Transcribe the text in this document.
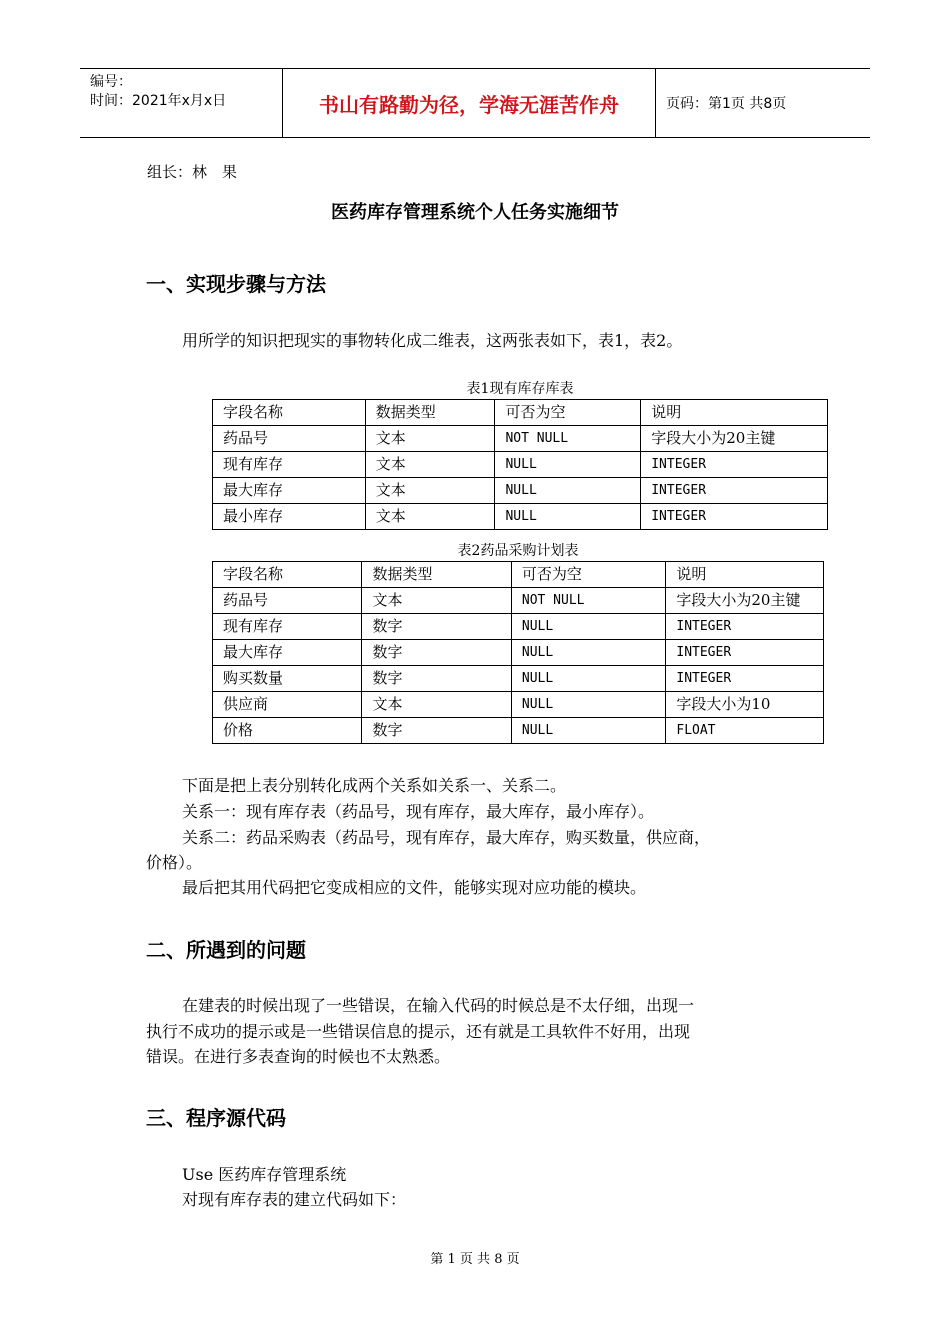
编号：
时间：2021年x月x日	书山有路勤为径，学海无涯苦作舟	页码：第1页 共8页
组长：林　果
医药库存管理系统个人任务实施细节
一、实现步骤与方法
用所学的知识把现实的事物转化成二维表，这两张表如下，表1，表2。
表1现有库存库表
字段名称	数据类型	可否为空	说明
药品号	文本	NOT NULL	字段大小为20主键
现有库存	文本	NULL	INTEGER
最大库存	文本	NULL	INTEGER
最小库存	文本	NULL	INTEGER
表2药品采购计划表
字段名称	数据类型	可否为空	说明
药品号	文本	NOT NULL	字段大小为20主键
现有库存	数字	NULL	INTEGER
最大库存	数字	NULL	INTEGER
购买数量	数字	NULL	INTEGER
供应商	文本	NULL	字段大小为10
价格	数字	NULL	FLOAT
下面是把上表分别转化成两个关系如关系一、关系二。
关系一：现有库存表（药品号，现有库存，最大库存，最小库存）。
关系二：药品采购表（药品号，现有库存，最大库存，购买数量，供应商，
价格）。
最后把其用代码把它变成相应的文件，能够实现对应功能的模块。
二、所遇到的问题
在建表的时候出现了一些错误，在输入代码的时候总是不太仔细，出现一
执行不成功的提示或是一些错误信息的提示，还有就是工具软件不好用，出现
错误。在进行多表查询的时候也不太熟悉。
三、程序源代码
Use 医药库存管理系统
对现有库存表的建立代码如下：
第 1 页 共 8 页
